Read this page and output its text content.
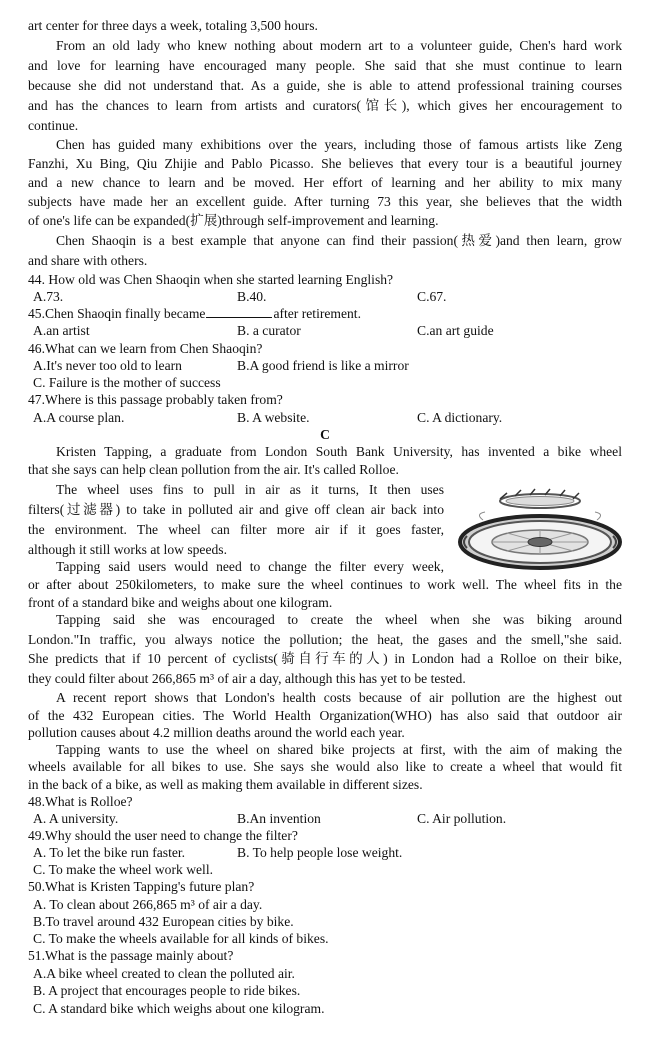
art center for three days a week, totaling 3,500 hours.
From an old lady who knew nothing about modern art to a volunteer guide, Chen's hard work
and love for learning have encouraged many people. She said that she must continue to learn
because she did not understand that. As a guide, she is able to attend professional training courses
and has the chances to learn from artists and curators(馆长), which gives her encouragement to
continue.
Chen has guided many exhibitions over the years, including those of famous artists like Zeng
Fanzhi, Xu Bing, Qiu Zhijie and Pablo Picasso. She believes that every tour is a beautiful journey
and a new chance to learn and be moved. Her effort of learning and her ability to mix many
subjects have made her an excellent guide. After turning 73 this year, she believes that the width
of one's life can be expanded(扩展)through self-improvement and learning.
Chen Shaoqin is a best example that anyone can find their passion(热爱)and then learn, grow
and share with others.
44. How old was Chen Shaoqin when she started learning English?
A.73.	B.40.	C.67.
45.Chen Shaoqin finally became	after retirement.
A.an artist	B. a curator	C.an art guide
46.What can we learn from Chen Shaoqin?
A.It's never too old to learn	B.A good friend is like a mirror
C. Failure is the mother of success
47.Where is this passage probably taken from?
A.A course plan.	B. A website.	C. A dictionary.
C
Kristen Tapping, a graduate from London South Bank University, has invented a bike wheel
that she says can help clean pollution from the air. It's called Rolloe.
The wheel uses fins to pull in air as it turns, It then uses
filters(过滤器) to take in polluted air and give off clean air back into
the environment. The wheel can filter more air if it goes faster,
although it still works at low speeds.
Tapping said users would need to change the filter every week,
or after about 250kilometers, to make sure the wheel continues to work well. The wheel fits in the
front of a standard bike and weighs about one kilogram.
Tapping said she was encouraged to create the wheel when she was biking around
London."In traffic, you always notice the pollution; the heat, the gases and the smell,"she said.
She predicts that if 10 percent of cyclists(骑自行车的人) in London had a Rolloe on their bike,
they could filter about 266,865 m³ of air a day, although this has yet to be tested.
A recent report shows that London's health costs because of air pollution are the highest out
of the 432 European cities. The World Health Organization(WHO) has also said that outdoor air
pollution causes about 4.2 million deaths around the world each year.
Tapping wants to use the wheel on shared bike projects at first, with the aim of making the
wheels available for all bikes to use. She says she would also like to create a wheel that would fit
in the back of a bike, as well as making them available in different sizes.
48.What is Rolloe?
A. A university.	B.An invention	C. Air pollution.
49.Why should the user need to change the filter?
A. To let the bike run faster.	B. To help people lose weight.
C. To make the wheel work well.
50.What is Kristen Tapping's future plan?
A. To clean about 266,865 m³ of air a day.
B.To travel around 432 European cities by bike.
C. To make the wheels available for all kinds of bikes.
51.What is the passage mainly about?
A.A bike wheel created to clean the polluted air.
B. A project that encourages people to ride bikes.
C. A standard bike which weighs about one kilogram.
